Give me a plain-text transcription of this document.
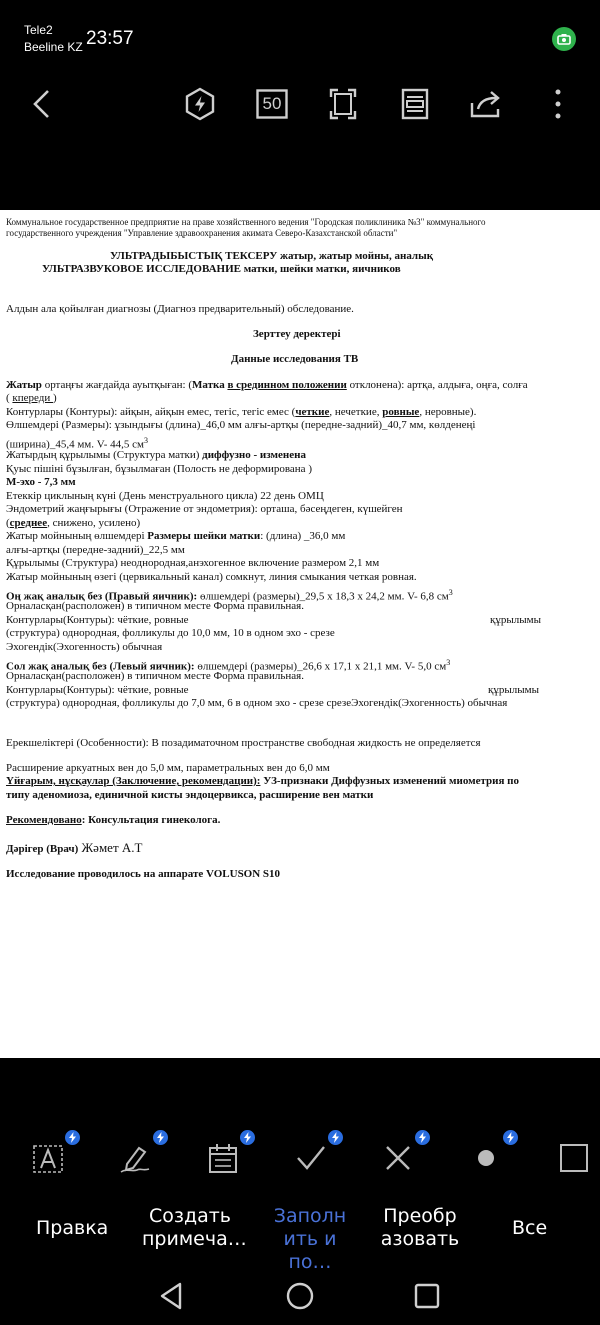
Tele2
Beeline KZ 23:57
50
Коммунальное государственное предприятие на праве хозяйственного ведения "Городская поликлиника №3" коммунального
государственного учреждения "Управление здравоохранения акимата Северо-Казахстанской области"
УЛЬТРАДЫБЫСТЫҚ ТЕКСЕРУ жатыр, жатыр мойны, аналық
УЛЬТРАЗВУКОВОЕ ИССЛЕДОВАНИЕ матки, шейки матки, яичников
Алдын ала қойылған диагнозы (Диагноз предварительный) обследование.
Зерттеу деректері
Данные исследования ТВ
Жатыр ортаңғы жағдайда ауытқыған: (Матка в срединном положении отклонена): артқа, алдыға, оңға, солға
( кпереди )
Контурлары (Контуры): айқын, айқын емес, тегіс, тегіс емес (четкие, нечеткие, ровные, неровные).
Өлшемдері (Размеры): ұзындығы (длина)_46,0 мм алғы-артқы (передне-задний)_40,7 мм, көлденеңі
(ширина)_45,4 мм. V- 44,5 $см^3$
Жатырдың құрылымы (Структура матки) диффузно - изменена
Қуыс пішіні бұзылған, бұзылмаған (Полость не деформирована )
М-эхо - 7,3 мм
Етеккір циклының күні (День менструального цикла) 22 день ОМЦ
Эндометрий жаңғырығы (Отражение от эндометрия): орташа, бәсеңдеген, күшейген
(среднее, снижено, усилено)
Жатыр мойнының өлшемдері Размеры шейки матки: (длина) _36,0 мм
алғы-артқы (передне-задний)_22,5 мм
Құрылымы (Структура) неоднородная,анэхогенное включение размером 2,1 мм
Жатыр мойнының өзегі (цервикальный канал) сомкнут, линия смыкания четкая ровная.
Оң жақ аналық без (Правый яичник): өлшемдері (размеры)_29,5 х 18,3 х 24,2 мм. V- 6,8 $см^3$
Орналасқан(расположен) в типичном месте Форма правильная.
Контурлары(Контуры): чёткие, ровные	құрылымы
(структура) однородная, фолликулы до 10,0 мм, 10 в одном эхо - срезе
Эхогендік(Эхогенность) обычная
Сол жақ аналық без (Левый яичник): өлшемдері (размеры)_26,6 х 17,1 х 21,1 мм. V- 5,0 $см^3$
Орналасқан(расположен) в типичном месте Форма правильная.
Контурлары(Контуры): чёткие, ровные	құрылымы
(структура) однородная, фолликулы до 7,0 мм, 6 в одном эхо - срезе срезеЭхогендік(Эхогенность) обычная
Ерекшеліктері (Особенности): В позадиматочном пространстве свободная жидкость не определяется
Расширение аркуатных вен до 5,0 мм, параметральных вен до 6,0 мм
Үйғарым, нұсқаулар (Заключение, рекомендации): УЗ-признаки Диффузных изменений миометрия по
типу аденомиоза, единичной кисты эндоцервикса, расширение вен матки
Рекомендовано: Консультация гинеколога.
Дәрігер (Врач) Жәмет А.Т
Исследование проводилось на аппарате VOLUSON S10
Правка
Создать
примеча…
Заполн
ить и по…
Преобр
азовать	Все
